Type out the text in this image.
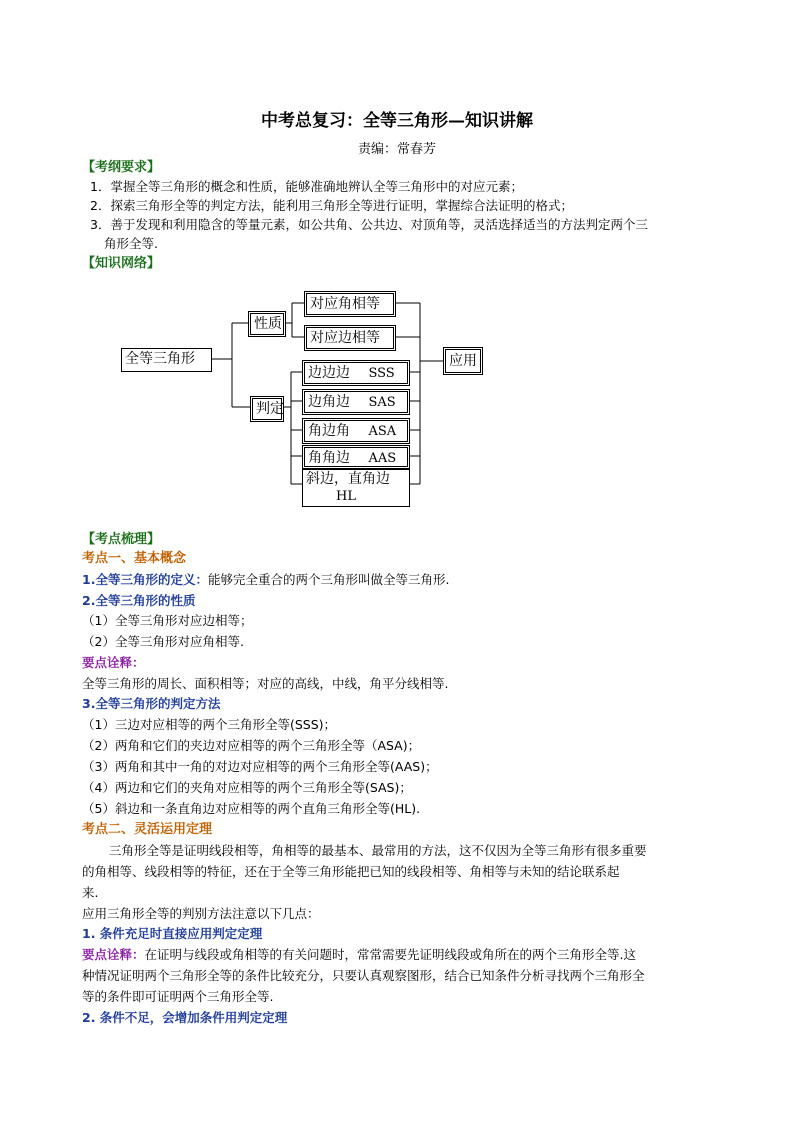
中考总复习：全等三角形—知识讲解
责编：常春芳
【考纲要求】
1．掌握全等三角形的概念和性质，能够准确地辨认全等三角形中的对应元素；
2．探索三角形全等的判定方法，能利用三角形全等进行证明，掌握综合法证明的格式；
3．善于发现和利用隐含的等量元素，如公共角、公共边、对顶角等，灵活选择适当的方法判定两个三
角形全等.
【知识网络】
全等三角形
性质
判定
对应角相等
对应边相等
边边边 SSS
边角边 SAS
角边角 ASA
角角边 AAS
斜边，直角边
HL
应用
【考点梳理】
考点一、基本概念
1.全等三角形的定义：能够完全重合的两个三角形叫做全等三角形.
2.全等三角形的性质
（1）全等三角形对应边相等；
（2）全等三角形对应角相等.
要点诠释：
全等三角形的周长、面积相等；对应的高线，中线，角平分线相等.
3.全等三角形的判定方法
（1）三边对应相等的两个三角形全等(SSS)；
（2）两角和它们的夹边对应相等的两个三角形全等（ASA)；
（3）两角和其中一角的对边对应相等的两个三角形全等(AAS)；
（4）两边和它们的夹角对应相等的两个三角形全等(SAS)；
（5）斜边和一条直角边对应相等的两个直角三角形全等(HL).
考点二、灵活运用定理
三角形全等是证明线段相等，角相等的最基本、最常用的方法，这不仅因为全等三角形有很多重要
的角相等、线段相等的特征，还在于全等三角形能把已知的线段相等、角相等与未知的结论联系起
来.
应用三角形全等的判别方法注意以下几点：
1. 条件充足时直接应用判定定理
要点诠释：在证明与线段或角相等的有关问题时，常常需要先证明线段或角所在的两个三角形全等.这
种情况证明两个三角形全等的条件比较充分，只要认真观察图形，结合已知条件分析寻找两个三角形全
等的条件即可证明两个三角形全等.
2. 条件不足，会增加条件用判定定理
